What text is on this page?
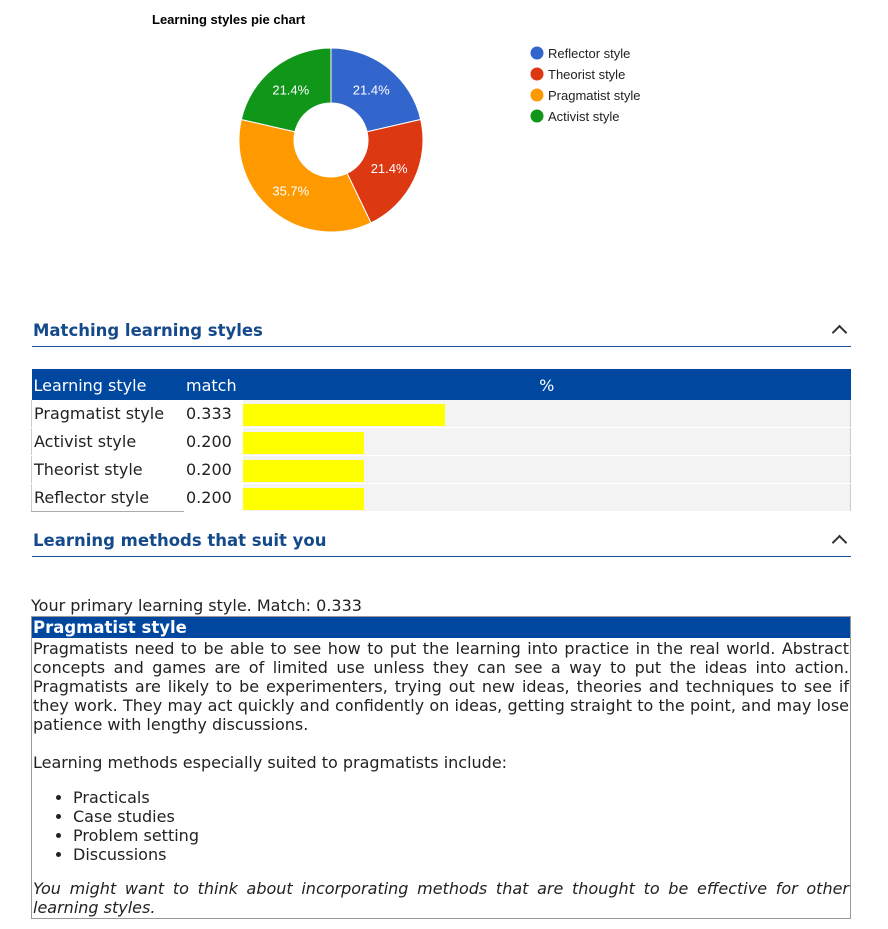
Learning styles pie chart
21.4%
21.4%
35.7%
21.4%
Reflector style
Theorist style
Pragmatist style
Activist style
Matching learning styles
Learning style	match	%
Pragmatist style	0.333	

Activist style	0.200	

Theorist style	0.200	

Reflector style	0.200	
Learning methods that suit you
Your primary learning style. Match: 0.333
Pragmatist style

Pragmatists need to be able to see how to put the learning into practice in the real world. Abstract concepts and games are of limited use unless they can see a way to put the ideas into action. Pragmatists are likely to be experimenters, trying out new ideas, theories and techniques to see if they work. They may act quickly and confidently on ideas, getting straight to the point, and may lose patience with lengthy discussions.

Learning methods especially suited to pragmatists include:

• Practicals
• Case studies
• Problem setting
• Discussions

You might want to think about incorporating methods that are thought to be effective for other learning styles.
